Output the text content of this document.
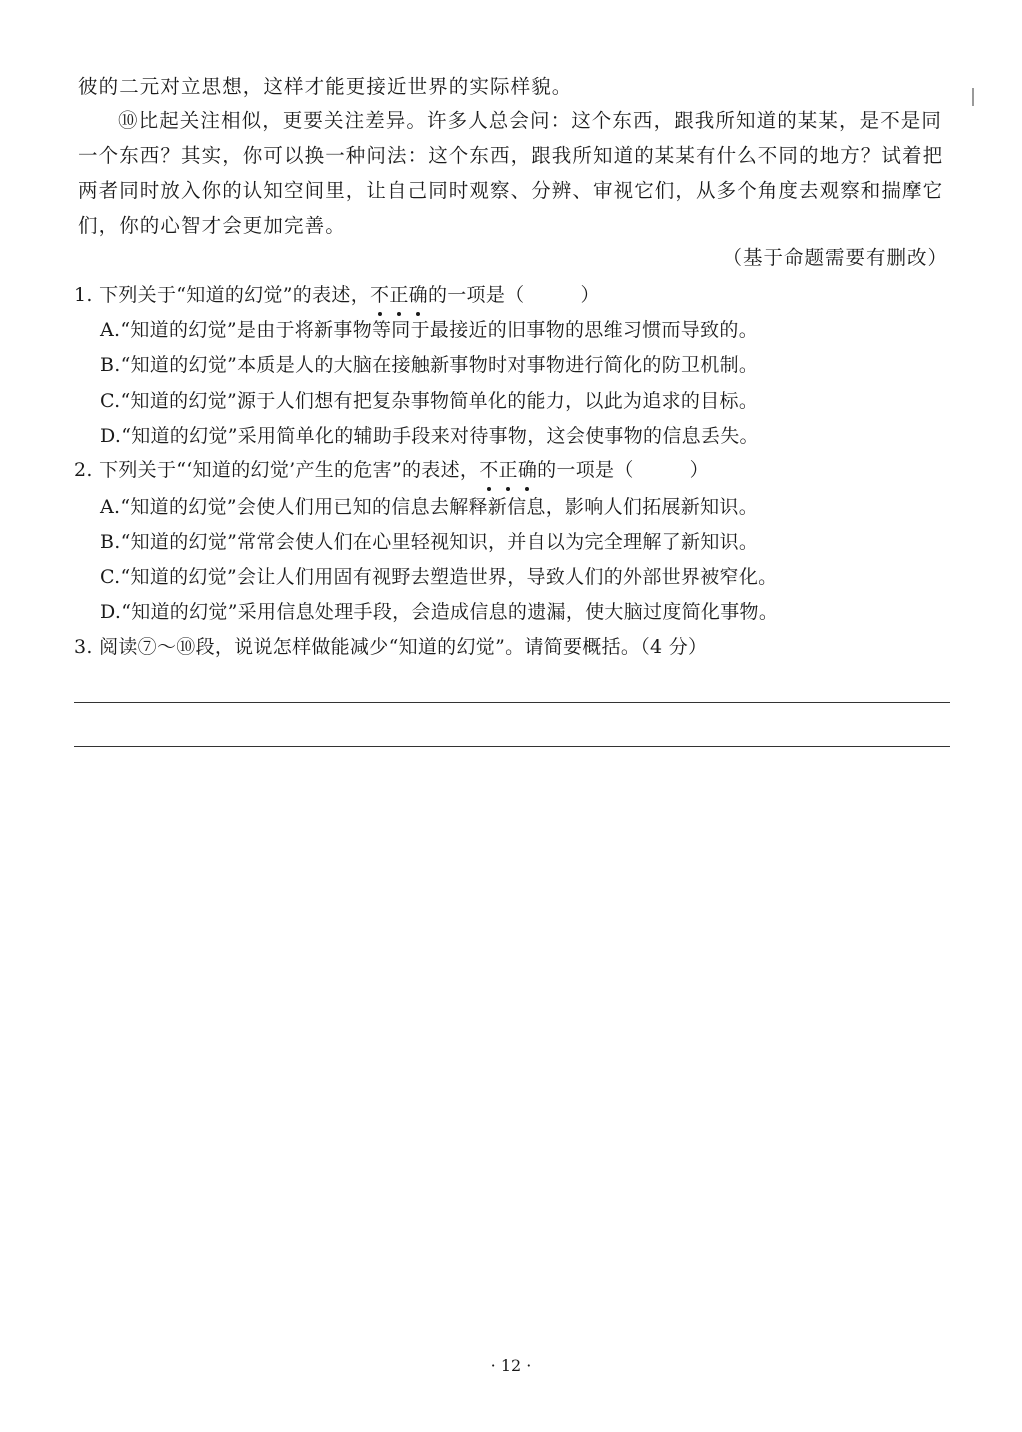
彼的二元对立思想，这样才能更接近世界的实际样貌。
⑩比起关注相似，更要关注差异。许多人总会问：这个东西，跟我所知道的某某，是不是同
一个东西？其实，你可以换一种问法：这个东西，跟我所知道的某某有什么不同的地方？试着把
两者同时放入你的认知空间里，让自己同时观察、分辨、审视它们，从多个角度去观察和揣摩它
们，你的心智才会更加完善。
（基于命题需要有删改）
1. 下列关于“知道的幻觉”的表述，不
正
确
的一项是（	）
A.“知道的幻觉”是由于将新事物等同于最接近的旧事物的思维习惯而导致的。
B.“知道的幻觉”本质是人的大脑在接触新事物时对事物进行简化的防卫机制。
C.“知道的幻觉”源于人们想有把复杂事物简单化的能力，以此为追求的目标。
D.“知道的幻觉”采用简单化的辅助手段来对待事物，这会使事物的信息丢失。
2. 下列关于“‘知道的幻觉’产生的危害”的表述，不
正
确
的一项是（	）
A.“知道的幻觉”会使人们用已知的信息去解释新信息，影响人们拓展新知识。
B.“知道的幻觉”常常会使人们在心里轻视知识，并自以为完全理解了新知识。
C.“知道的幻觉”会让人们用固有视野去塑造世界，导致人们的外部世界被窄化。
D.“知道的幻觉”采用信息处理手段，会造成信息的遗漏，使大脑过度简化事物。
3. 阅读⑦～⑩段，说说怎样做能减少“知道的幻觉”。请简要概括。（4 分）
· 12 ·
